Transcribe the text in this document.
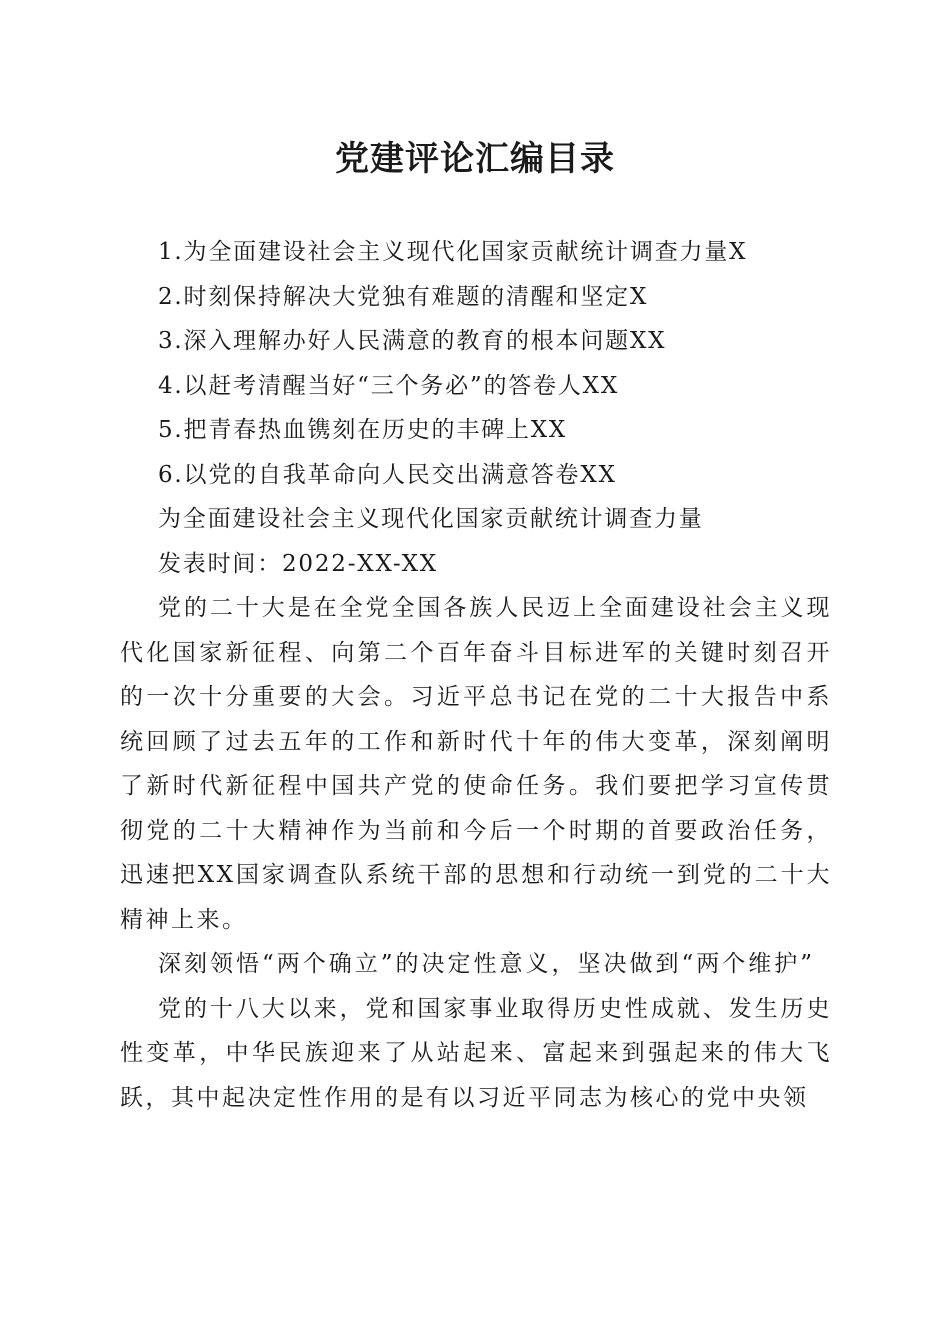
党建评论汇编目录
1.为全面建设社会主义现代化国家贡献统计调查力量X
2.时刻保持解决大党独有难题的清醒和坚定X
3.深入理解办好人民满意的教育的根本问题XX
4.以赶考清醒当好“三个务必”的答卷人XX
5.把青春热血镌刻在历史的丰碑上XX
6.以党的自我革命向人民交出满意答卷XX
为全面建设社会主义现代化国家贡献统计调查力量
发表时间：2022-XX-XX
党的二十大是在全党全国各族人民迈上全面建设社会主义现代化国家新征程、向第二个百年奋斗目标进军的关键时刻召开的一次十分重要的大会。习近平总书记在党的二十大报告中系统回顾了过去五年的工作和新时代十年的伟大变革，深刻阐明了新时代新征程中国共产党的使命任务。我们要把学习宣传贯彻党的二十大精神作为当前和今后一个时期的首要政治任务，迅速把XX国家调查队系统干部的思想和行动统一到党的二十大精神上来。
深刻领悟“两个确立”的决定性意义，坚决做到“两个维护”
党的十八大以来，党和国家事业取得历史性成就、发生历史性变革，中华民族迎来了从站起来、富起来到强起来的伟大飞跃，其中起决定性作用的是有以习近平同志为核心的党中央领
